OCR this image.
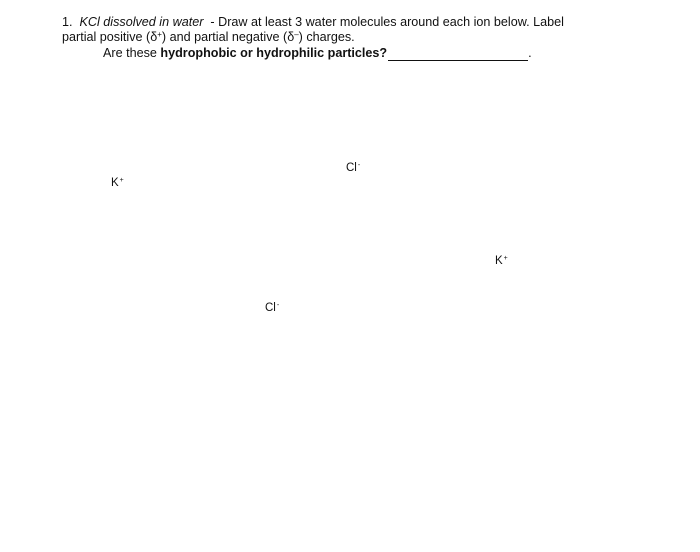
1. KCl dissolved in water - Draw at least 3 water molecules around each ion below. Label
partial positive (δ+) and partial negative (δ–) charges.
Are these hydrophobic or hydrophilic particles?	.
K+
Cl-
K+
Cl-
